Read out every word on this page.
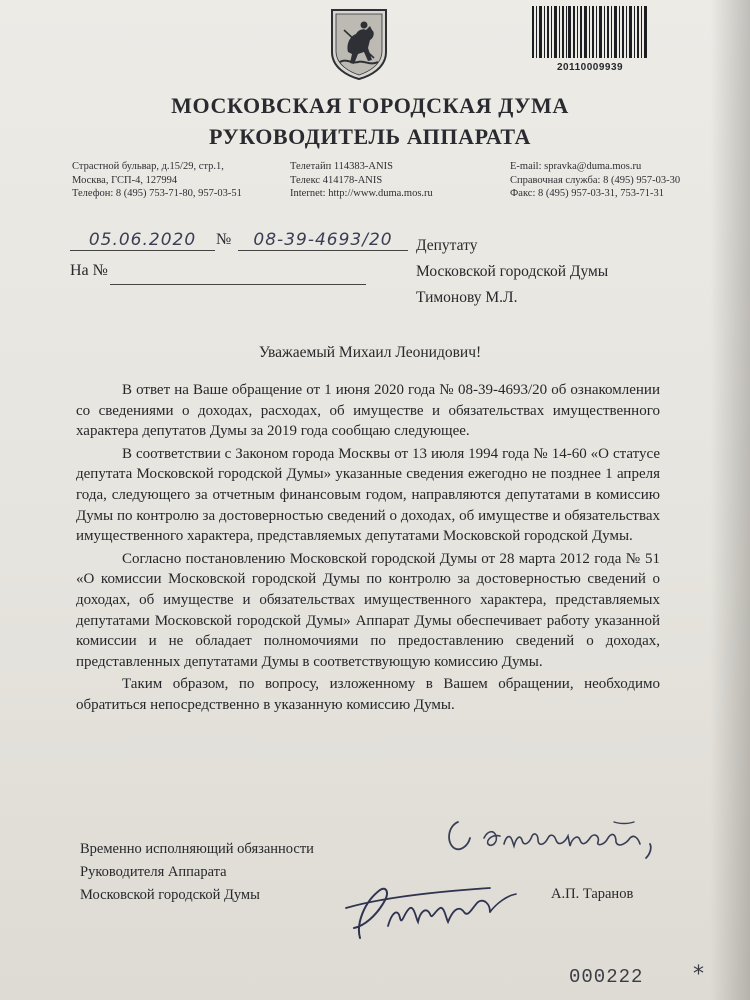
20110009939
МОСКОВСКАЯ ГОРОДСКАЯ ДУМА
РУКОВОДИТЕЛЬ АППАРАТА
Страстной бульвар, д.15/29, стр.1,
Москва, ГСП-4, 127994
Телефон: 8 (495) 753-71-80, 957-03-51
Телетайп 114383-ANIS
Телекс 414178-ANIS
Internet: http://www.duma.mos.ru
E-mail: spravka@duma.mos.ru
Справочная служба: 8 (495) 957-03-30
Факс: 8 (495) 957-03-31, 753-71-31
05.06.2020	№	08-39-4693/20
На №
Депутату
Московской городской Думы
Тимонову М.Л.
Уважаемый Михаил Леонидович!

В ответ на Ваше обращение от 1 июня 2020 года № 08-39-4693/20 об ознакомлении со сведениями о доходах, расходах, об имуществе и обязательствах имущественного характера депутатов Думы за 2019 года сообщаю следующее.

В соответствии с Законом города Москвы от 13 июля 1994 года № 14-60 «О статусе депутата Московской городской Думы» указанные сведения ежегодно не позднее 1 апреля года, следующего за отчетным финансовым годом, направляются депутатами в комиссию Думы по контролю за достоверностью сведений о доходах, об имуществе и обязательствах имущественного характера, представляемых депутатами Московской городской Думы.

Согласно постановлению Московской городской Думы от 28 марта 2012 года № 51 «О комиссии Московской городской Думы по контролю за достоверностью сведений о доходах, об имуществе и обязательствах имущественного характера, представляемых депутатами Московской городской Думы» Аппарат Думы обеспечивает работу указанной комиссии и не обладает полномочиями по предоставлению сведений о доходах, представленных депутатами Думы в соответствующую комиссию Думы.

Таким образом, по вопросу, изложенному в Вашем обращении, необходимо обратиться непосредственно в указанную комиссию Думы.

Временно исполняющий обязанности
Руководителя Аппарата
Московской городской Думы	А.П. Таранов
000222 *
